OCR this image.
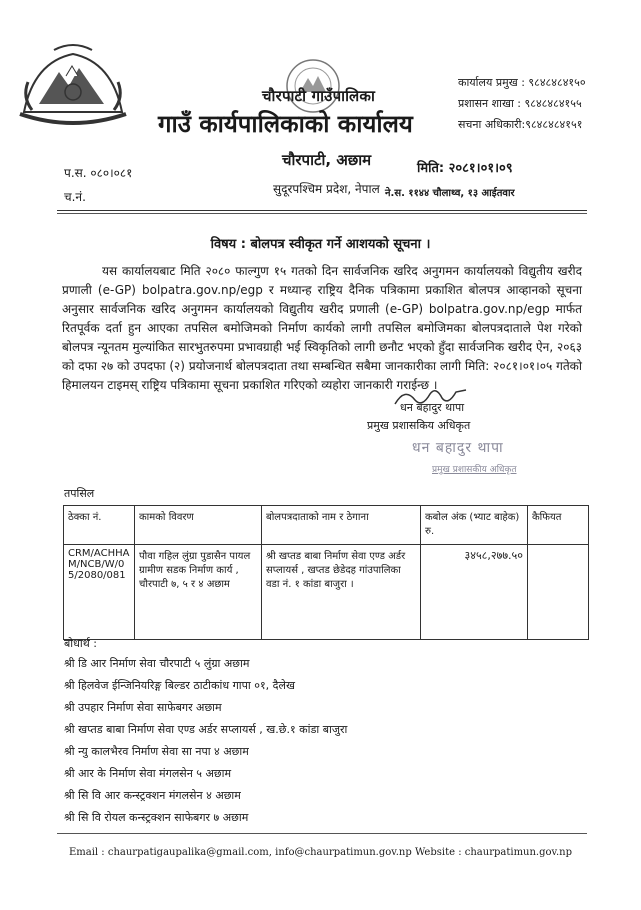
चौरपाटी गाउँपालिका
गाउँ कार्यपालिकाको कार्यालय
चौरपाटी, अछाम
सुदूरपश्चिम प्रदेश, नेपाल
कार्यालय प्रमुख : ९८४८४८४१५०
प्रशासन शाखा : ९८४८४८४१५५
सचना अधिकारी:९८४८४८४१५१
प.स. ०८०।०८१
च.नं.
मिति: २०८१।०१।०९
ने.स. ११४४ चौलाथ्व, १३ आईतवार
विषय : बोलपत्र स्वीकृत गर्ने आशयको सूचना ।
यस कार्यालयबाट मिति २०८० फाल्गुण १५ गतको दिन सार्वजनिक खरिद अनुगमन कार्यालयको विद्युतीय खरीद प्रणाली (e-GP) bolpatra.gov.np/egp र मध्यान्ह राष्ट्रिय दैनिक पत्रिकामा प्रकाशित बोलपत्र आव्हानको सूचना अनुसार सार्वजनिक खरिद अनुगमन कार्यालयको विद्युतीय खरीद प्रणाली (e-GP) bolpatra.gov.np/egp मार्फत रितपूर्वक दर्ता हुन आएका तपसिल बमोजिमको निर्माण कार्यको लागी तपसिल बमोजिमका बोलपत्रदाताले पेश गरेको बोलपत्र न्यूनतम मुल्यांकित सारभुतरुपमा प्रभावग्राही भई स्विकृतिको लागी छनौट भएको हुँदा सार्वजनिक खरीद ऐन, २०६३ को दफा २७ को उपदफा (२) प्रयोजनार्थ बोलपत्रदाता तथा सम्बन्धित सबैमा जानकारीका लागी मिति: २०८१।०१।०५ गतेको हिमालयन टाइमस् राष्ट्रिय पत्रिकामा सूचना प्रकाशित गरिएको व्यहोरा जानकारी गराईन्छ ।
धन बहादुर थापा
प्रमुख प्रशासकिय अधिकृत
धन बहादुर थापा
प्रमुख प्रशासकीय अधिकृत
तपसिल
ठेक्का नं.	कामको विवरण	बोलपत्रदाताको नाम र ठेगाना	कबोल अंक (भ्याट बाहेक) रु.	कैफियत
CRM/ACHHA M/NCB/W/0 5/2080/081	पौवा गहिल लुंग्रा पुडासैन पायल ग्रामीण सडक निर्माण कार्य , चौरपाटी ७, ५ र ४ अछाम	श्री खप्तड बाबा निर्माण सेवा एण्ड अर्डर सप्लायर्स , खप्तड छेडेदह गांउपालिका वडा नं. १ कांडा बाजुरा ।	३४५८,२७७.५०	
बोधार्थ :
श्री डि आर निर्माण सेवा चौरपाटी ५ लुंग्रा अछाम
श्री हिलवेज ईन्जिनियरिङ्ग बिल्डर ठाटीकांध गापा ०१, दैलेख
श्री उपहार निर्माण सेवा साफेबगर अछाम
श्री खप्तड बाबा निर्माण सेवा एण्ड अर्डर सप्लायर्स , ख.छे.१ कांडा बाजुरा
श्री न्यु कालभैरव निर्माण सेवा सा नपा ४ अछाम
श्री आर के निर्माण सेवा मंगलसेन ५ अछाम
श्री सि वि आर कन्स्ट्रक्शन मंगलसेन ४ अछाम
श्री सि वि रोयल कन्स्ट्रक्शन साफेबगर ७ अछाम
Email : chaurpatigaupalika@gmail.com, info@chaurpatimun.gov.np Website : chaurpatimun.gov.np
